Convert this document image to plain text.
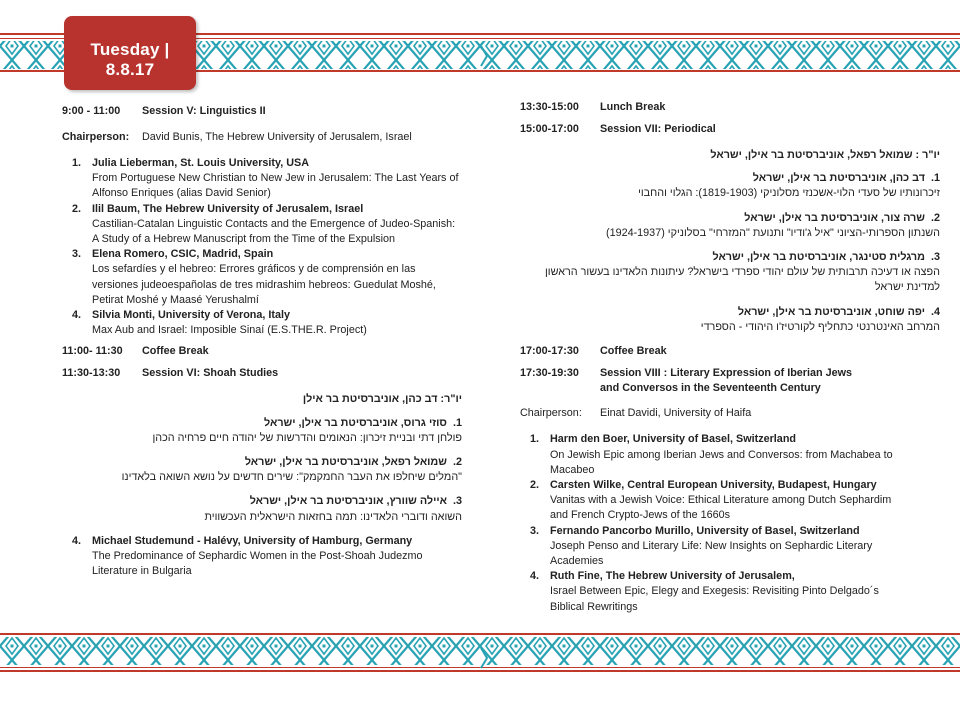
Tuesday | 8.8.17
9:00 - 11:00 Session V: Linguistics II
Chairperson: David Bunis, The Hebrew University of Jerusalem, Israel
1. Julia Lieberman, St. Louis University, USA
From Portuguese New Christian to New Jew in Jerusalem: The Last Years of Alfonso Enriques (alias David Senior)
2. Ilil Baum, The Hebrew University of Jerusalem, Israel
Castilian-Catalan Linguistic Contacts and the Emergence of Judeo-Spanish: A Study of a Hebrew Manuscript from the Time of the Expulsion
3. Elena Romero, CSIC, Madrid, Spain
Los sefardíes y el hebreo: Errores gráficos y de comprensión en las versiones judeoespañolas de tres midrashim hebreos: Guedulat Moshé, Petirat Moshé y Maasé Yerushalmí
4. Silvia Monti, University of Verona, Italy
Max Aub and Israel: Imposible Sinaí (E.S.THE.R. Project)
11:00- 11:30 Coffee Break
11:30-13:30 Session VI: Shoah Studies
יו"ר: דב כהן, אוניברסיטת בר אילן
1.  סוזי גרוס, אוניברסיטת בר אילן, ישראל
פולחן דתי ובניית זיכרון: הנאומים והדרשות של יהודה חיים פרחיה הכהן
2.  שמואל רפאל, אוניברסיטת בר אילן, ישראל
"המלים שיחלפו את העבר החמקמק": שירים חדשים על נושא השואה בלאדינו
3.  איילה שוורץ, אוניברסיטת בר אילן, ישראל
השואה ודוברי הלאדינו: תמה בחזאות הישראלית העכשווית
4. Michael Studemund - Halévy, University of Hamburg, Germany
The Predominance of Sephardic Women in the Post-Shoah Judezmo Literature in Bulgaria
13:30-15:00 Lunch Break
15:00-17:00 Session VII: Periodical
יו"ר : שמואל רפאל, אוניברסיטת בר אילן, ישראל
1.  דב כהן, אוניברסיטת בר אילן, ישראל
זיכרונותיו של סעדי הלוי-אשכנזי מסלוניקי (1819-1903): הגלוי והחבוי
2.  שרה צור, אוניברסיטת בר אילן, ישראל
השנתון הספרותי-הציוני "איל ג'ודיו" ותנועת "המזרחי" בסלוניקי (1924-1937)
3.  מרגלית סטינגר, אוניברסיטת בר אילן, ישראל
הפצה או דעיכה תרבותית של עולם יהודי ספרדי בישראל? עיתונות הלאדינו בעשור הראשון למדינת ישראל
4.  יפה שוחט, אוניברסיטת בר אילן, ישראל
המרחב האינטרנטי כתחליף לקורטיז'ו היהודי - הספרדי
17:00-17:30 Coffee Break
17:30-19:30 Session VIII : Literary Expression of Iberian Jews and Conversos in the Seventeenth Century
Chairperson: Einat Davidi, University of Haifa
1. Harm den Boer, University of Basel, Switzerland
On Jewish Epic among Iberian Jews and Conversos: from Machabea to Macabeo
2. Carsten Wilke, Central European University, Budapest, Hungary
Vanitas with a Jewish Voice: Ethical Literature among Dutch Sephardim and French Crypto-Jews of the 1660s
3. Fernando Pancorbo Murillo, University of Basel, Switzerland
Joseph Penso and Literary Life: New Insights on Sephardic Literary Academies
4. Ruth Fine, The Hebrew University of Jerusalem,
Israel Between Epic, Elegy and Exegesis: Revisiting Pinto Delgado´s Biblical Rewritings
